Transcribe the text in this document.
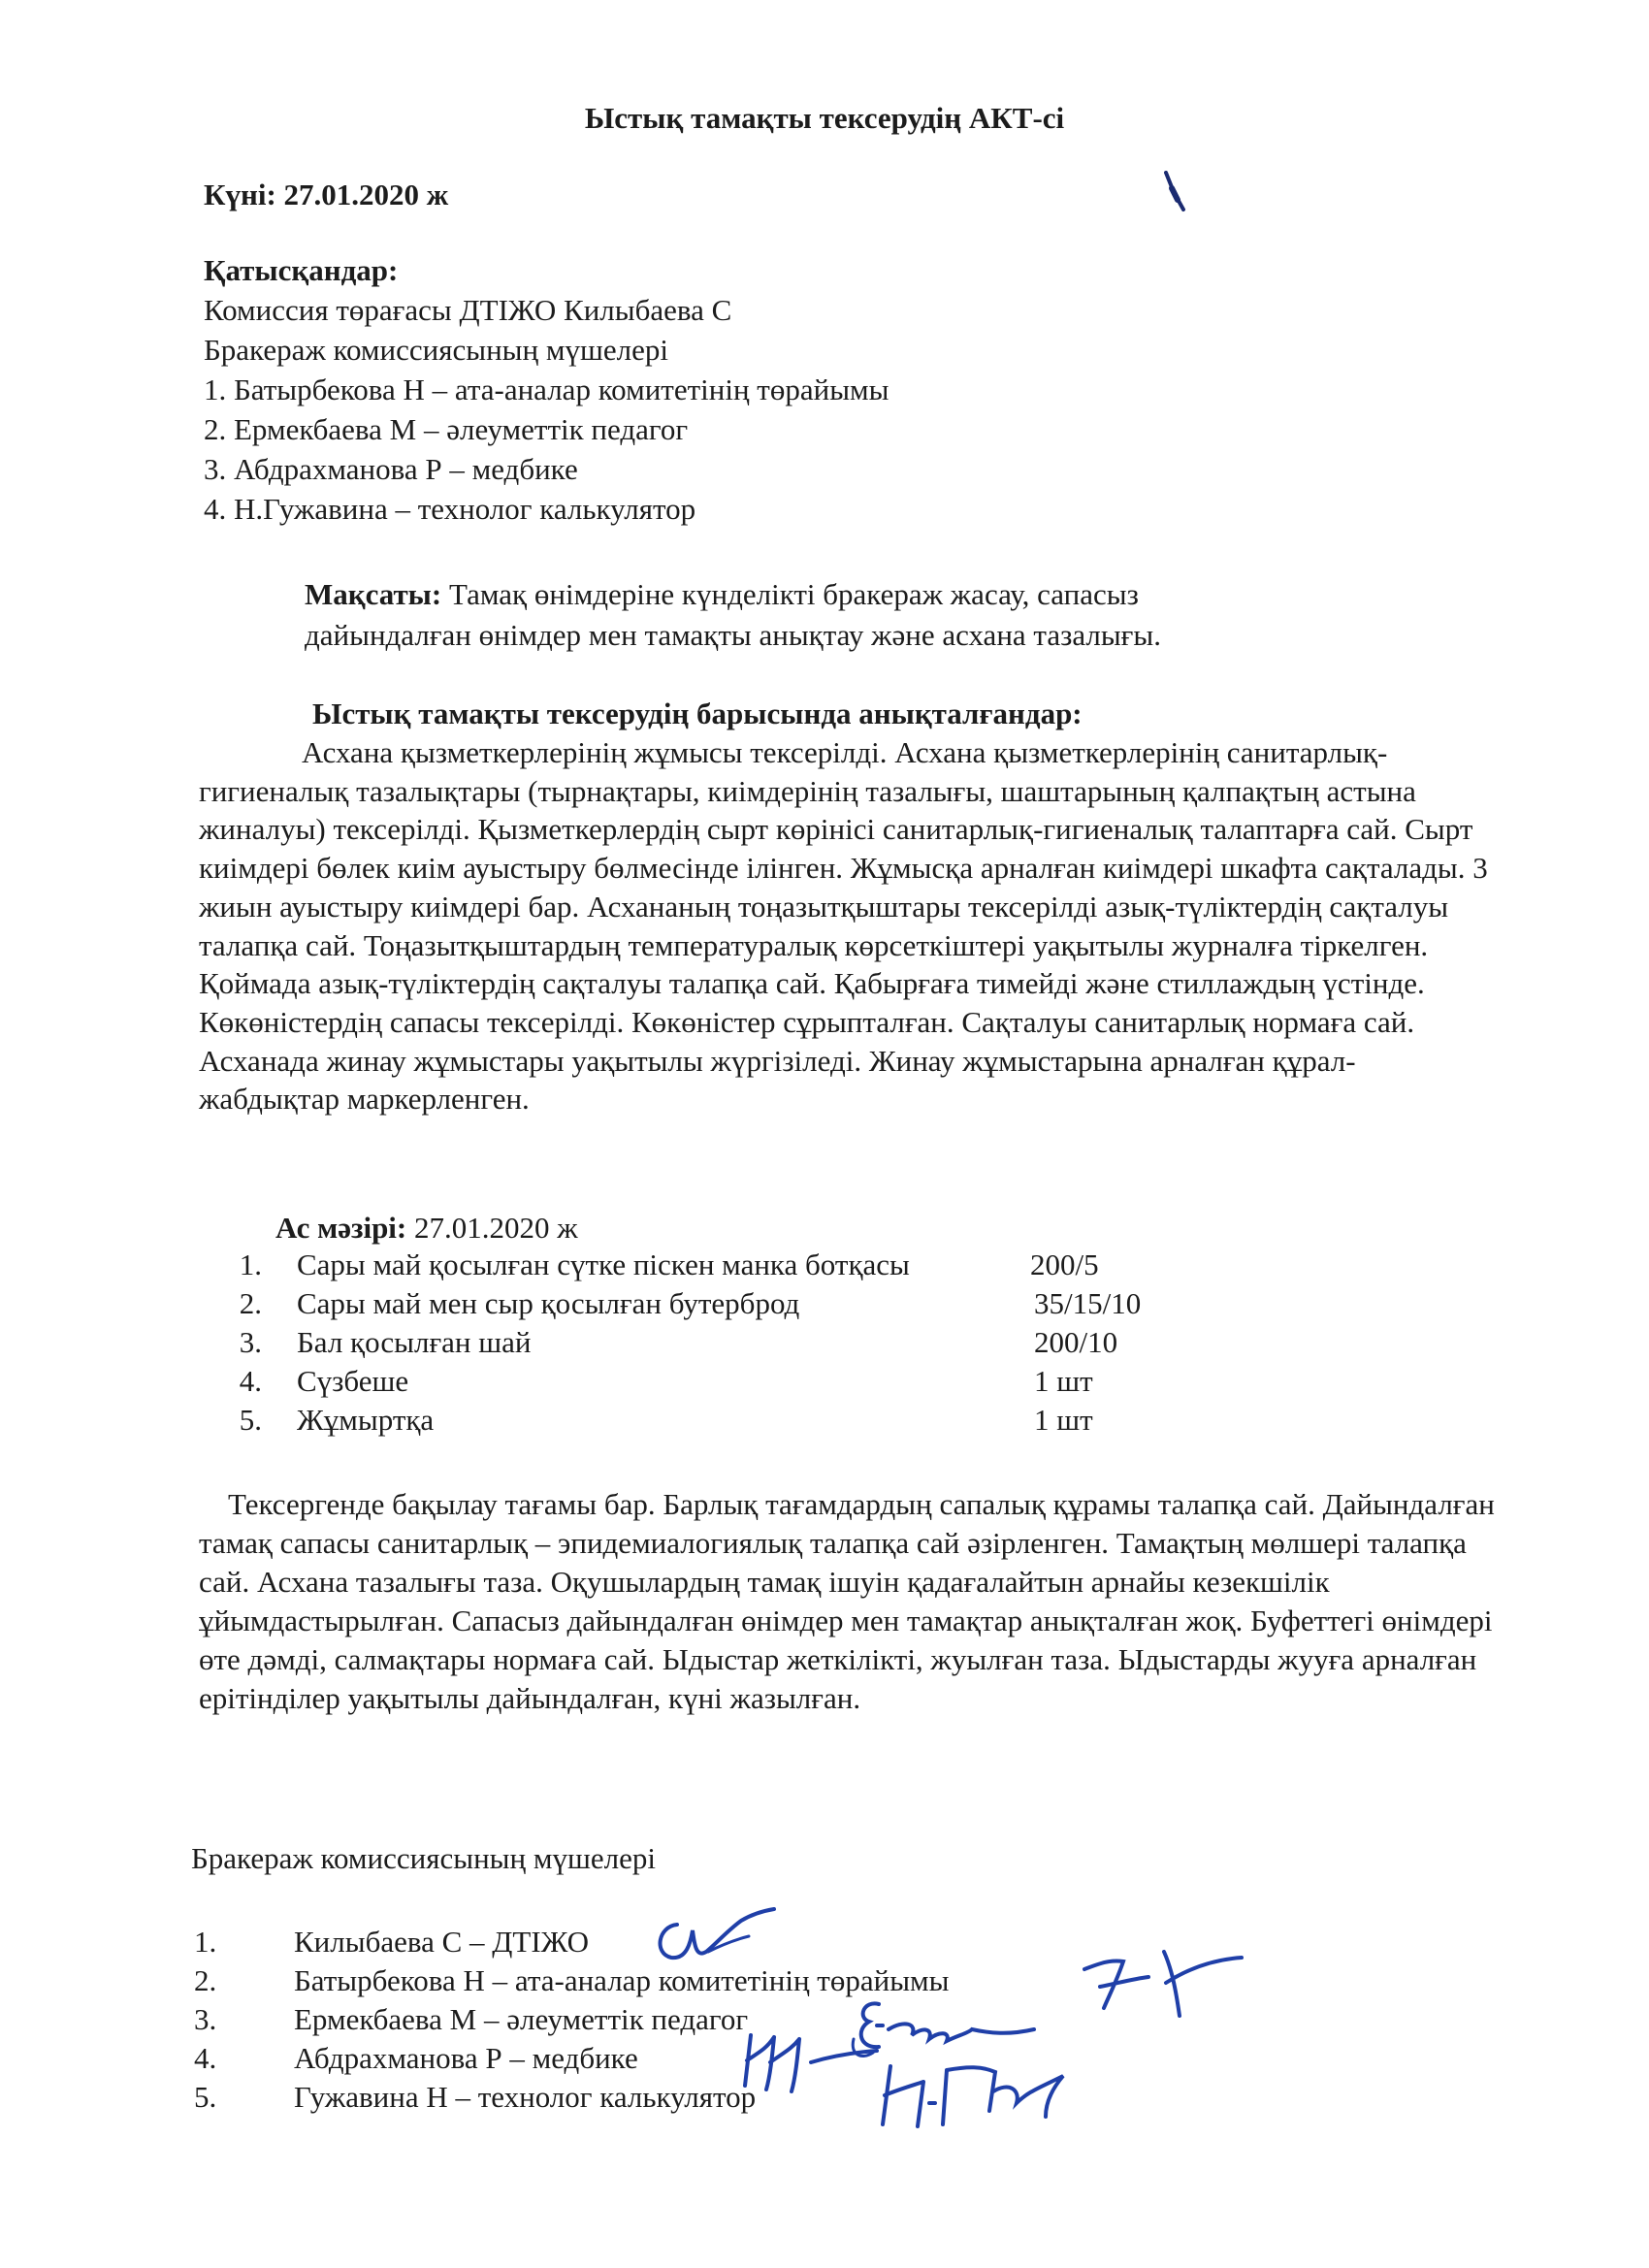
Ыстық тамақты тексерудің АКТ-сі
Күні: 27.01.2020 ж
Қатысқандар:
Комиссия төрағасы ДТІЖО Килыбаева С
Бракераж комиссиясының мүшелері
1. Батырбекова Н – ата-аналар комитетінің төрайымы
2. Ермекбаева М – әлеуметтік педагог
3. Абдрахманова Р – медбике
4. Н.Гужавина – технолог калькулятор
Мақсаты: Тамақ өнімдеріне күнделікті бракераж жасау, сапасыз
дайындалған өнімдер мен тамақты анықтау және асхана тазалығы.
Ыстық тамақты тексерудің барысында анықталғандар:

Асхана қызметкерлерінің жұмысы тексерілді. Асхана қызметкерлерінің санитарлық-гигиеналық тазалықтары (тырнақтары, киімдерінің тазалығы, шаштарының қалпақтың астына жиналуы) тексерілді. Қызметкерлердің сырт көрінісі санитарлық-гигиеналық талаптарға сай. Сырт киімдері бөлек киім ауыстыру бөлмесінде ілінген. Жұмысқа арналған киімдері шкафта сақталады. 3 жиын ауыстыру киімдері бар. Асхананың тоңазытқыштары тексерілді азық-түліктердің сақталуы талапқа сай. Тоңазытқыштардың температуралық көрсеткіштері уақытылы журналға тіркелген. Қоймада азық-түліктердің сақталуы талапқа сай. Қабырғаға тимейді және стиллаждың үстінде. Көкөністердің сапасы тексерілді. Көкөністер сұрыпталған. Сақталуы санитарлық нормаға сай. Асханада жинау жұмыстары уақытылы жүргізіледі. Жинау жұмыстарына арналған құрал-жабдықтар маркерленген.

Ас мәзірі: 27.01.2020 ж
1. Сары май қосылған сүтке піскен манка ботқасы	200/5
2. Сары май мен сыр қосылған бутерброд	35/15/10
3. Бал қосылған шай	200/10
4. Сүзбеше	1 шт
5. Жұмыртқа	1 шт

Тексергенде бақылау тағамы бар. Барлық тағамдардың сапалық құрамы талапқа сай. Дайындалған тамақ сапасы санитарлық – эпидемиалогиялық талапқа сай әзірленген. Тамақтың мөлшері талапқа сай. Асхана тазалығы таза. Оқушылардың тамақ ішуін қадағалайтын арнайы кезекшілік ұйымдастырылған. Сапасыз дайындалған өнімдер мен тамақтар анықталған жоқ. Буфеттегі өнімдері өте дәмді, салмақтары нормаға сай. Ыдыстар жеткілікті, жуылған таза. Ыдыстарды жууға арналған ерітінділер уақытылы дайындалған, күні жазылған.

Бракераж комиссиясының мүшелері
1.	Килыбаева С – ДТІЖО
2.	Батырбекова Н – ата-аналар комитетінің төрайымы
3.	Ермекбаева М – әлеуметтік педагог
4.	Абдрахманова Р – медбике
5.	Гужавина Н – технолог калькулятор
